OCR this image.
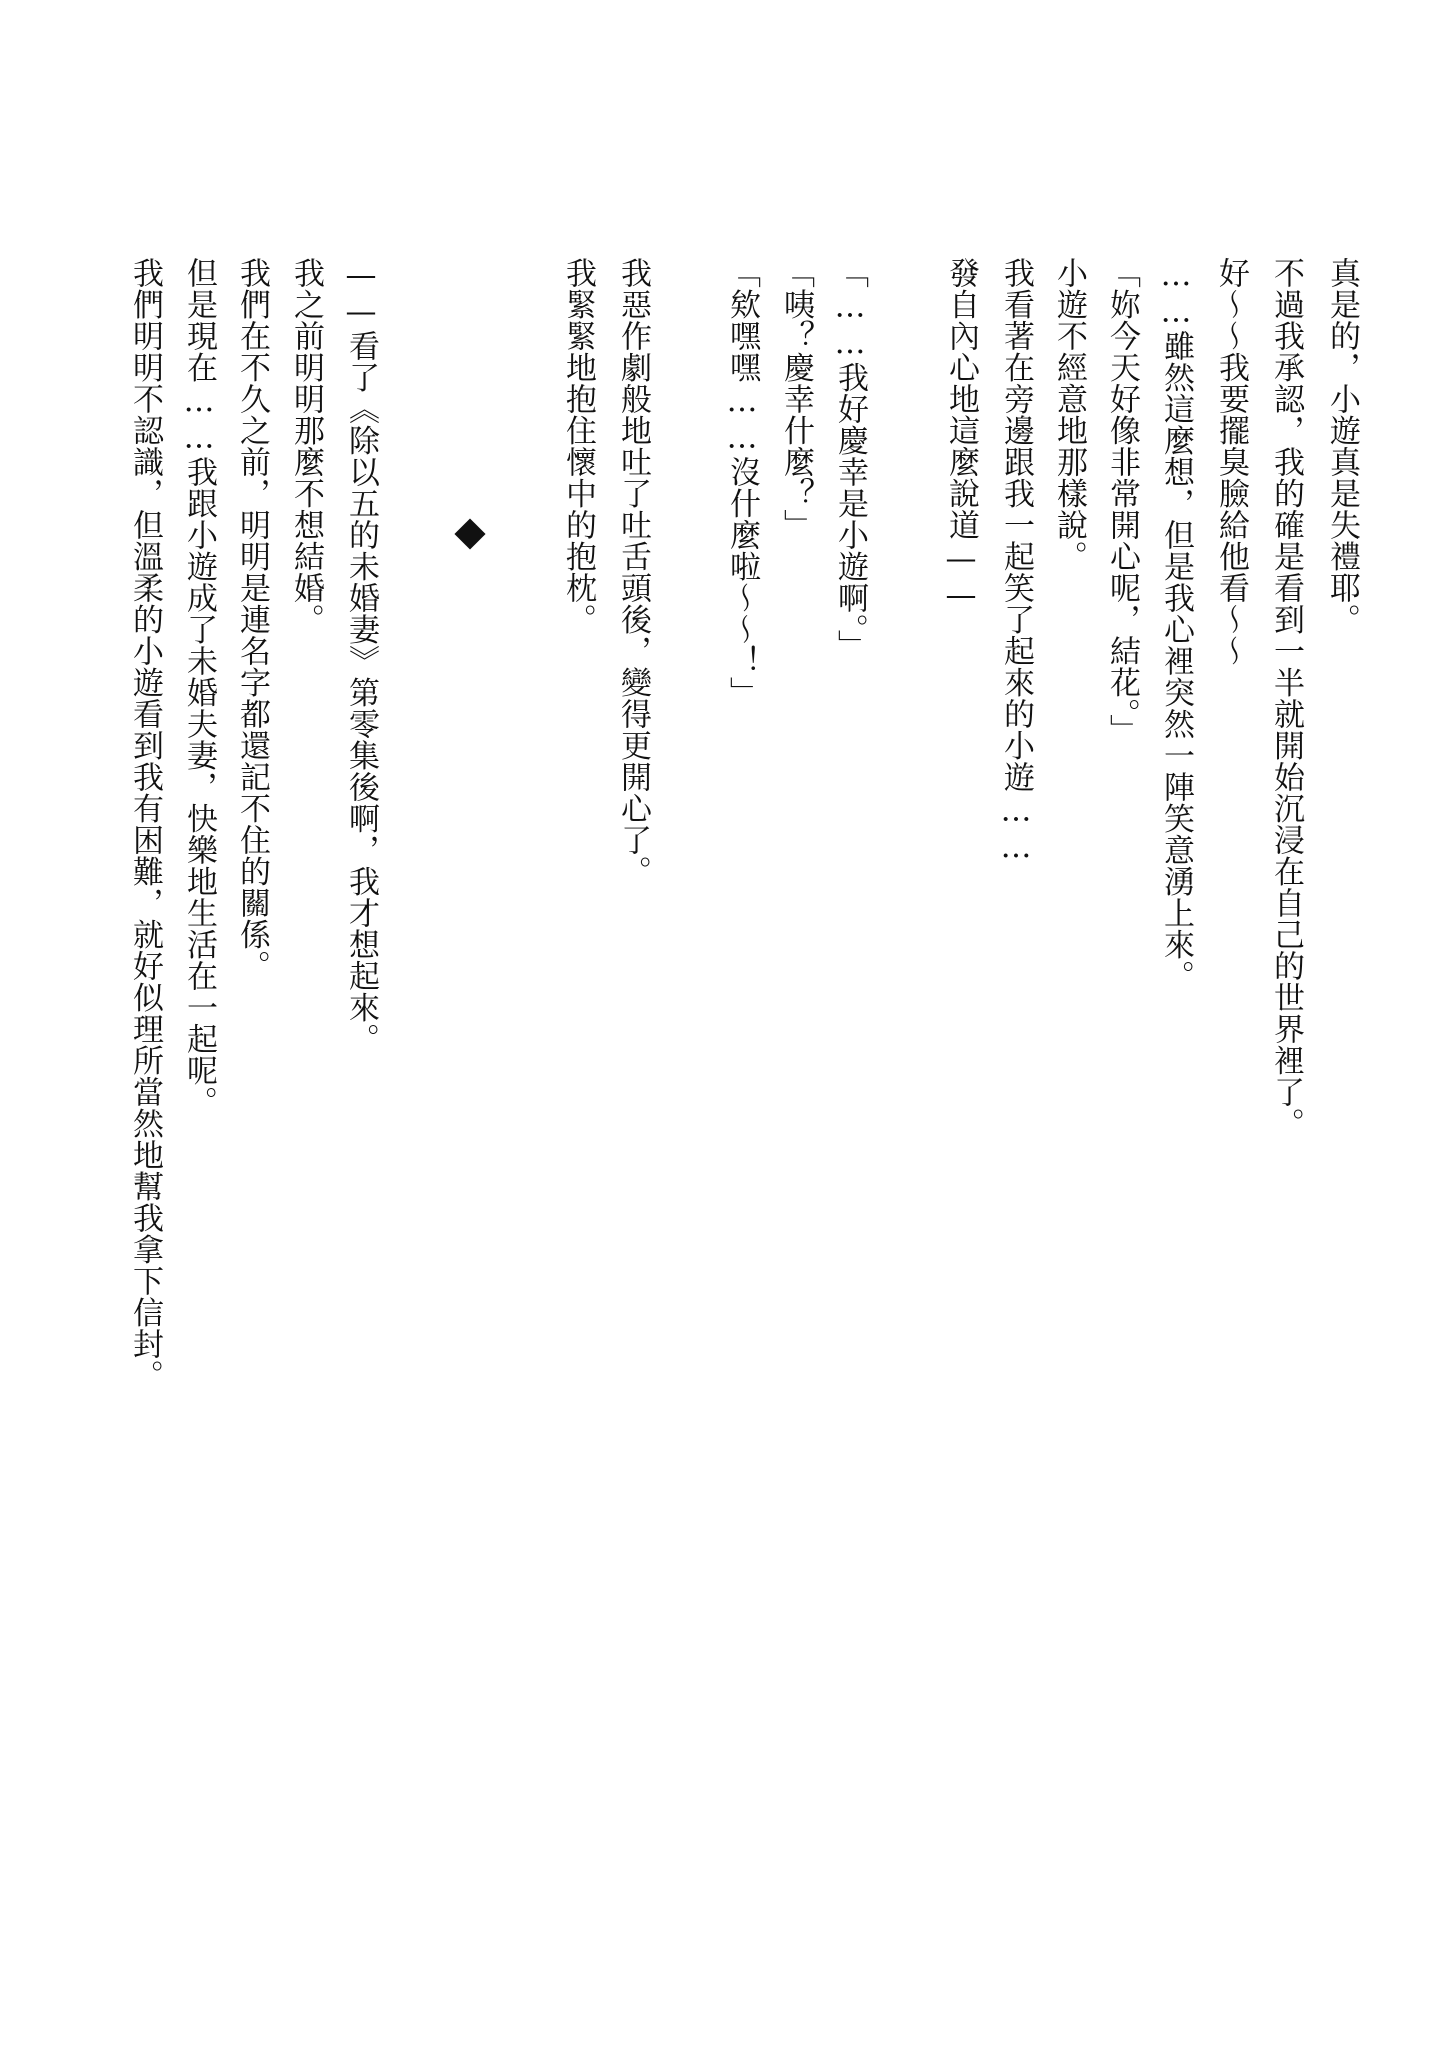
真是的，小遊真是失禮耶。
不過我承認，我的確是看到一半就開始沉浸在自己的世界裡了。
好～～我要擺臭臉給他看～～
……雖然這麼想，但是我心裡突然一陣笑意湧上來。
「妳今天好像非常開心呢，結花。」
小遊不經意地那樣說。
我看著在旁邊跟我一起笑了起來的小遊……
發自內心地這麼說道——
「……我好慶幸是小遊啊。」
「咦？慶幸什麼？」
「欸嘿嘿……沒什麼啦～～！」
我惡作劇般地吐了吐舌頭後，變得更開心了。
我緊緊地抱住懷中的抱枕。
——看了《除以五的未婚妻》第零集後啊，我才想起來。
我之前明明那麼不想結婚。
我們在不久之前，明明是連名字都還記不住的關係。
但是現在……我跟小遊成了未婚夫妻，快樂地生活在一起呢。
我們明明不認識，但溫柔的小遊看到我有困難，就好似理所當然地幫我拿下信封。
